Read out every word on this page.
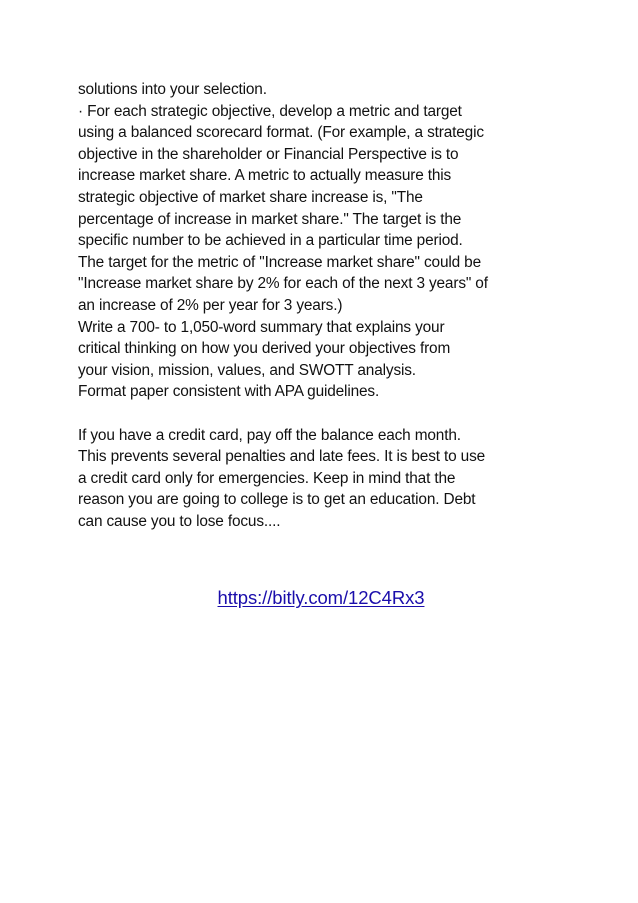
solutions into your selection.
· For each strategic objective, develop a metric and target
using a balanced scorecard format. (For example, a strategic
objective in the shareholder or Financial Perspective is to
increase market share. A metric to actually measure this
strategic objective of market share increase is, "The
percentage of increase in market share." The target is the
specific number to be achieved in a particular time period.
The target for the metric of "Increase market share" could be
"Increase market share by 2% for each of the next 3 years" of
an increase of 2% per year for 3 years.)
Write a 700- to 1,050-word summary that explains your
critical thinking on how you derived your objectives from
your vision, mission, values, and SWOTT analysis.
Format paper consistent with APA guidelines.
If you have a credit card, pay off the balance each month.
This prevents several penalties and late fees. It is best to use
a credit card only for emergencies. Keep in mind that the
reason you are going to college is to get an education. Debt
can cause you to lose focus....
https://bitly.com/12C4Rx3
